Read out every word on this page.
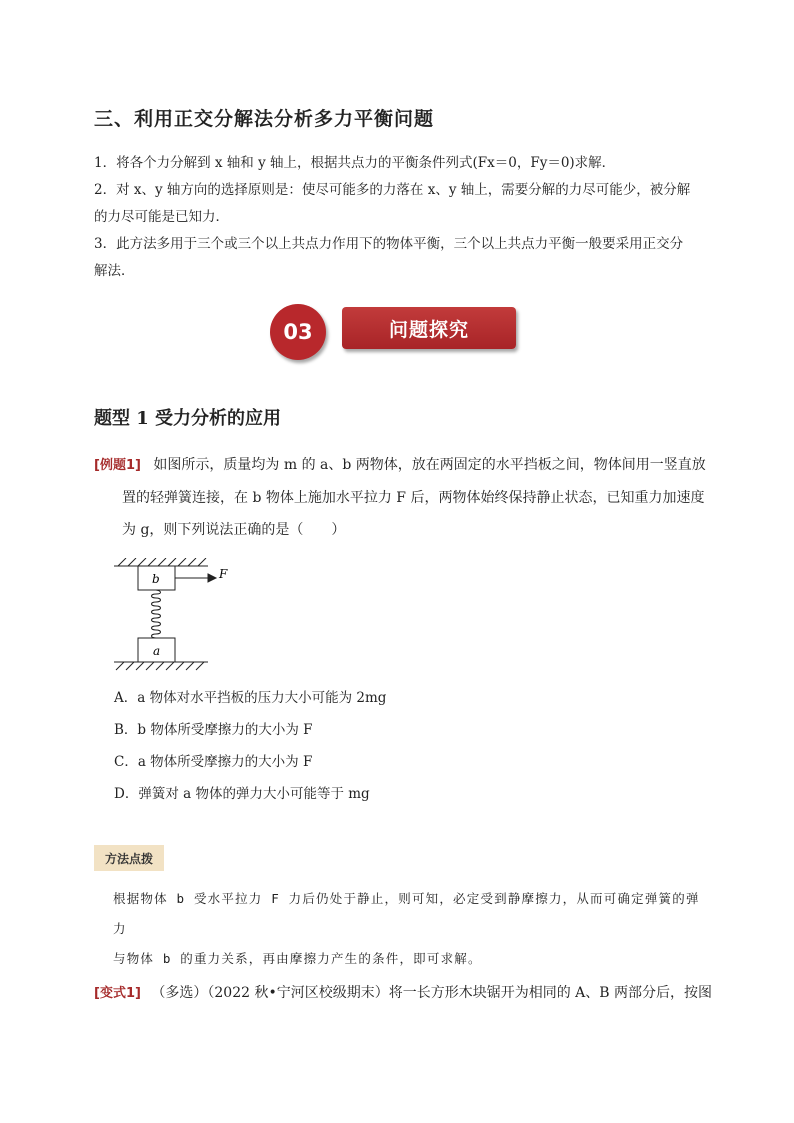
三、利用正交分解法分析多力平衡问题
1．将各个力分解到 x 轴和 y 轴上，根据共点力的平衡条件列式(Fx＝0，Fy＝0)求解．
2．对 x、y 轴方向的选择原则是：使尽可能多的力落在 x、y 轴上，需要分解的力尽可能少，被分解
的力尽可能是已知力．
3．此方法多用于三个或三个以上共点力作用下的物体平衡，三个以上共点力平衡一般要采用正交分
解法．
03	问题探究
题型 1 受力分析的应用
[例题1] 如图所示，质量均为 m 的 a、b 两物体，放在两固定的水平挡板之间，物体间用一竖直放
置的轻弹簧连接，在 b 物体上施加水平拉力 F 后，两物体始终保持静止状态，已知重力加速度
为 g，则下列说法正确的是（　　）
b
a
F
A．a 物体对水平挡板的压力大小可能为 2mg
B．b 物体所受摩擦力的大小为 F
C．a 物体所受摩擦力的大小为 F
D．弹簧对 a 物体的弹力大小可能等于 mg
方法点拨
根据物体 b 受水平拉力 F 力后仍处于静止，则可知，必定受到静摩擦力，从而可确定弹簧的弹力
与物体 b 的重力关系，再由摩擦力产生的条件，即可求解。
[变式1] （多选）（2022 秋•宁河区校级期末）将一长方形木块锯开为相同的 A、B 两部分后，按图
